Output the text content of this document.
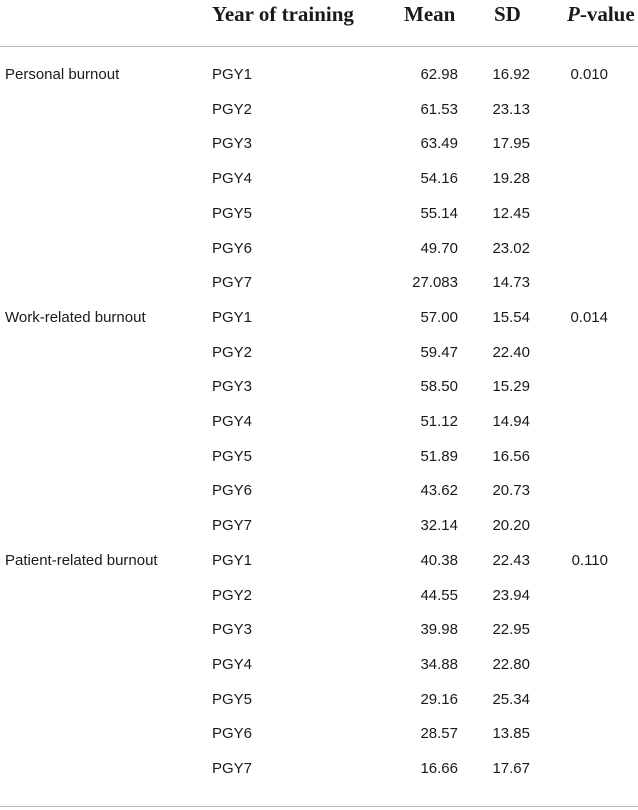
Year of training Mean SD P-value
Personal burnout	PGY1	62.98 16.92	0.010
PGY2	61.53 23.13
PGY3	63.49 17.95
PGY4	54.16 19.28
PGY5	55.14 12.45
PGY6	49.70 23.02
PGY7	27.083 14.73
Work-related burnout	PGY1	57.00 15.54	0.014
PGY2	59.47 22.40
PGY3	58.50 15.29
PGY4	51.12 14.94
PGY5	51.89 16.56
PGY6	43.62 20.73
PGY7	32.14 20.20
Patient-related burnout	PGY1	40.38 22.43	0.110
PGY2	44.55 23.94
PGY3	39.98 22.95
PGY4	34.88 22.80
PGY5	29.16 25.34
PGY6	28.57 13.85
PGY7	16.66 17.67
